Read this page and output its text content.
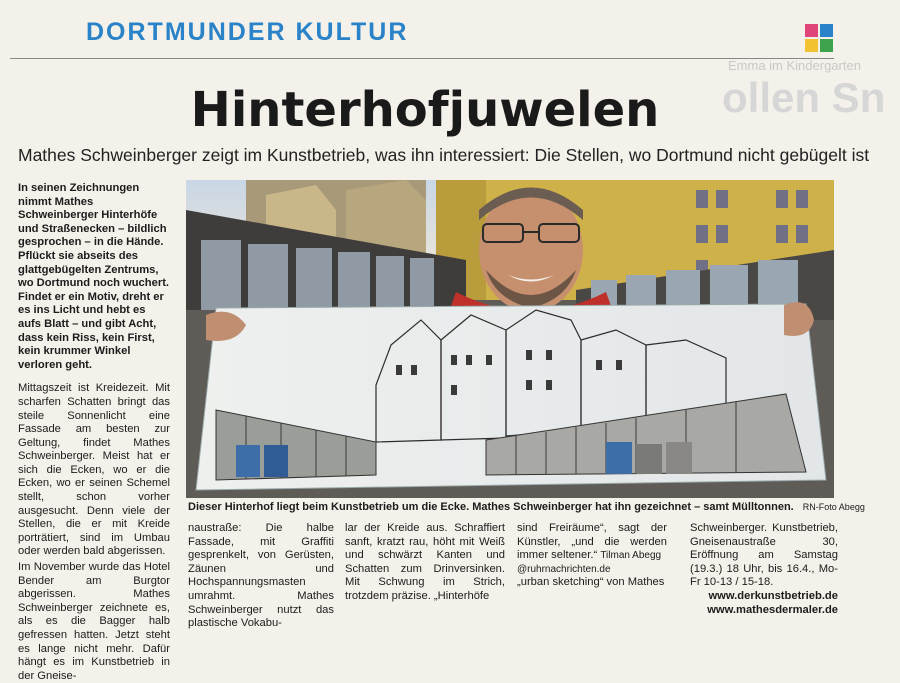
DORTMUNDER KULTUR
ollen Sn
Emma im Kindergarten
Hinterhofjuwelen
Mathes Schweinberger zeigt im Kunstbetrieb, was ihn interessiert: Die Stellen, wo Dortmund nicht gebügelt ist

In seinen Zeichnungen nimmt Mathes Schweinberger Hinterhöfe und Straßenecken – bildlich gesprochen – in die Hände. Pflückt sie abseits des glattgebügelten Zentrums, wo Dortmund noch wuchert. Findet er ein Motiv, dreht er es ins Licht und hebt es aufs Blatt – und gibt Acht, dass kein Riss, kein First, kein krummer Winkel verloren geht.

Mittagszeit ist Kreidezeit. Mit scharfen Schatten bringt das steile Sonnenlicht eine Fassade am besten zur Geltung, findet Mathes Schweinberger. Meist hat er sich die Ecken, wo er die Ecken, wo er seinen Schemel stellt, schon vorher ausgesucht. Denn viele der Stellen, die er mit Kreide porträtiert, sind im Umbau oder werden bald abgerissen.

Im November wurde das Hotel Bender am Burgtor abgerissen. Mathes Schweinberger zeichnete es, als es die Bagger halb gefressen hatten. Jetzt steht es lange nicht mehr. Dafür hängt es im Kunstbetrieb in der Gneise-

Dieser Hinterhof liegt beim Kunstbetrieb um die Ecke. Mathes Schweinberger hat ihn gezeichnet – samt Mülltonnen. RN-Foto Abegg
naustraße: Die halbe Fassade, mit Graffiti gesprenkelt, von Gerüsten, Zäunen und Hochspannungsmasten umrahmt. Mathes Schweinberger nutzt das plastische Vokabu-
lar der Kreide aus. Schraffiert sanft, kratzt rau, höht mit Weiß und schwärzt Kanten und Schatten zum Drinversinken. Mit Schwung im Strich, trotzdem präzise. „Hinterhöfe
sind Freiräume“, sagt der Künstler, „und die werden immer seltener.“ Tilman Abegg
@ruhrnachrichten.de
„urban sketching“ von Mathes
Schweinberger. Kunstbetrieb, Gneisenaustraße 30, Eröffnung am Samstag (19.3.) 18 Uhr, bis 16.4., Mo-Fr 10-13 / 15-18.
www.derkunstbetrieb.de
www.mathesdermaler.de
